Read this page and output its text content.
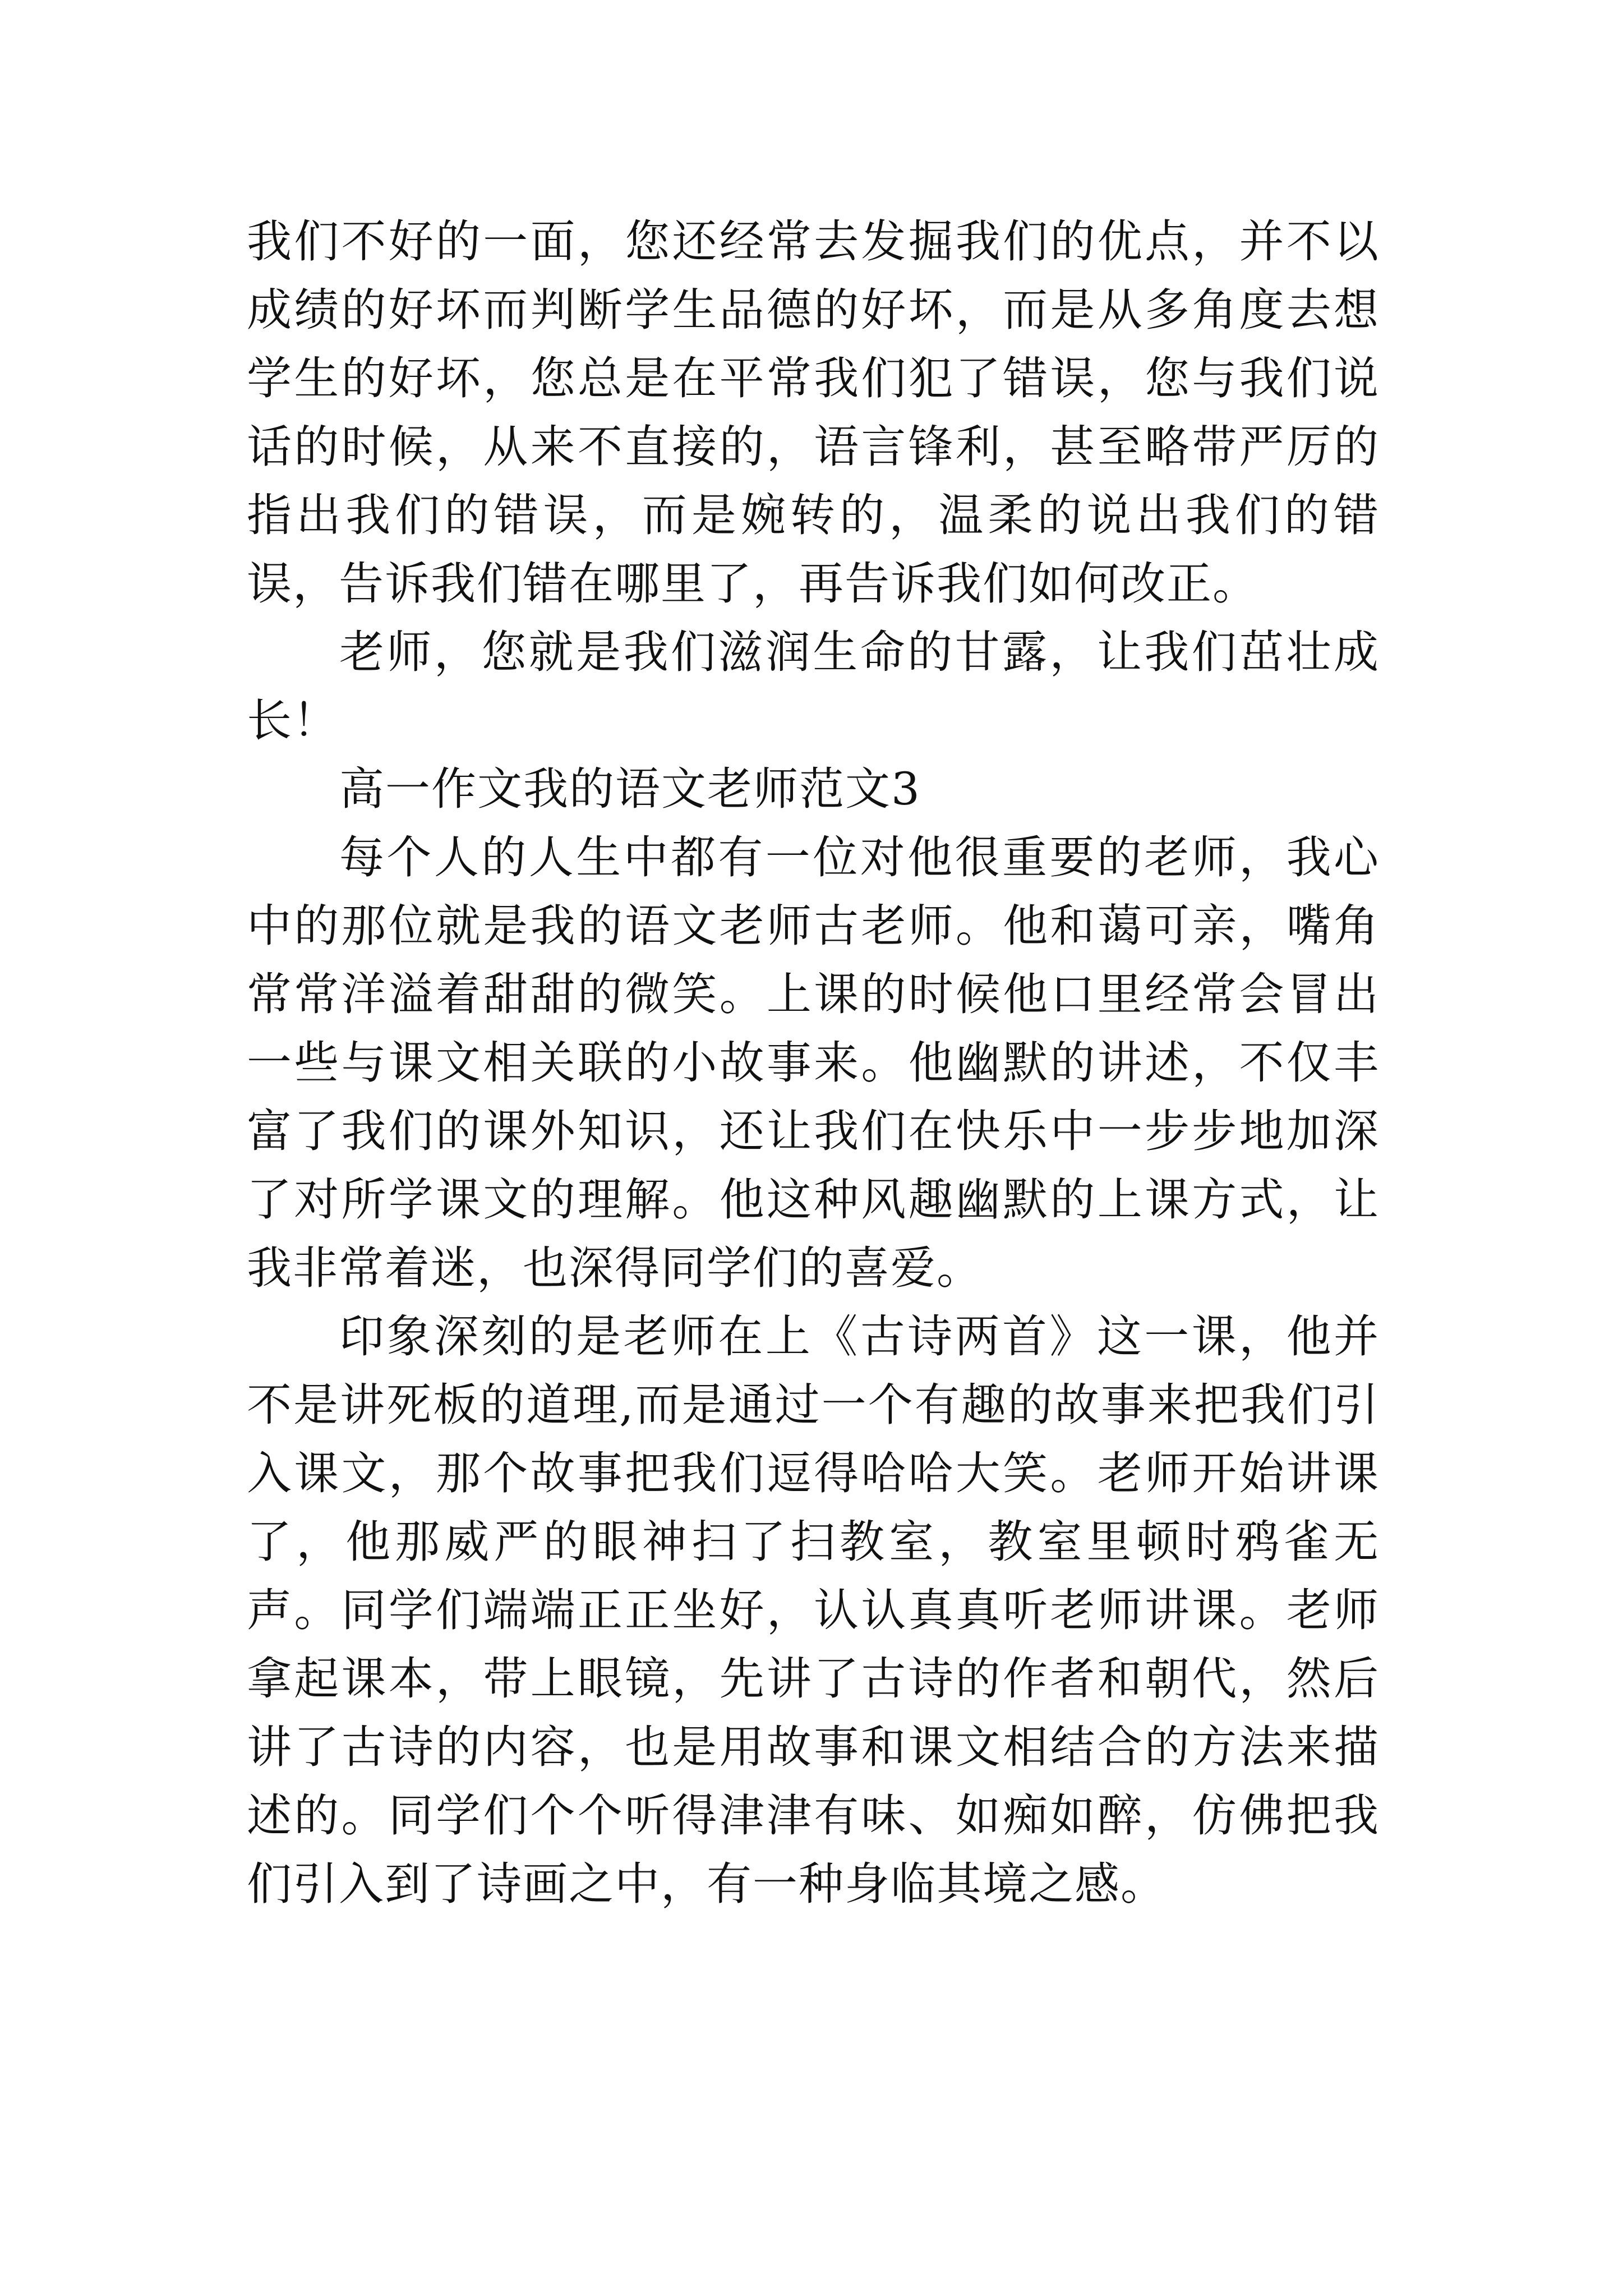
我们不好的一面，您还经常去发掘我们的优点，并不以成绩的好坏而判断学生品德的好坏，而是从多角度去想学生的好坏，您总是在平常我们犯了错误，您与我们说话的时候，从来不直接的，语言锋利，甚至略带严厉的指出我们的错误，而是婉转的，温柔的说出我们的错误，告诉我们错在哪里了，再告诉我们如何改正。

老师，您就是我们滋润生命的甘露，让我们茁壮成长！

高一作文我的语文老师范文3

每个人的人生中都有一位对他很重要的老师，我心中的那位就是我的语文老师古老师。他和蔼可亲，嘴角常常洋溢着甜甜的微笑。上课的时候他口里经常会冒出一些与课文相关联的小故事来。他幽默的讲述，不仅丰富了我们的课外知识，还让我们在快乐中一步步地加深了对所学课文的理解。他这种风趣幽默的上课方式，让我非常着迷，也深得同学们的喜爱。

印象深刻的是老师在上《古诗两首》这一课，他并不是讲死板的道理,而是通过一个有趣的故事来把我们引入课文，那个故事把我们逗得哈哈大笑。老师开始讲课了，他那威严的眼神扫了扫教室，教室里顿时鸦雀无声。同学们端端正正坐好，认认真真听老师讲课。老师拿起课本，带上眼镜，先讲了古诗的作者和朝代，然后讲了古诗的内容，也是用故事和课文相结合的方法来描述的。同学们个个听得津津有味、如痴如醉，仿佛把我们引入到了诗画之中，有一种身临其境之感。
